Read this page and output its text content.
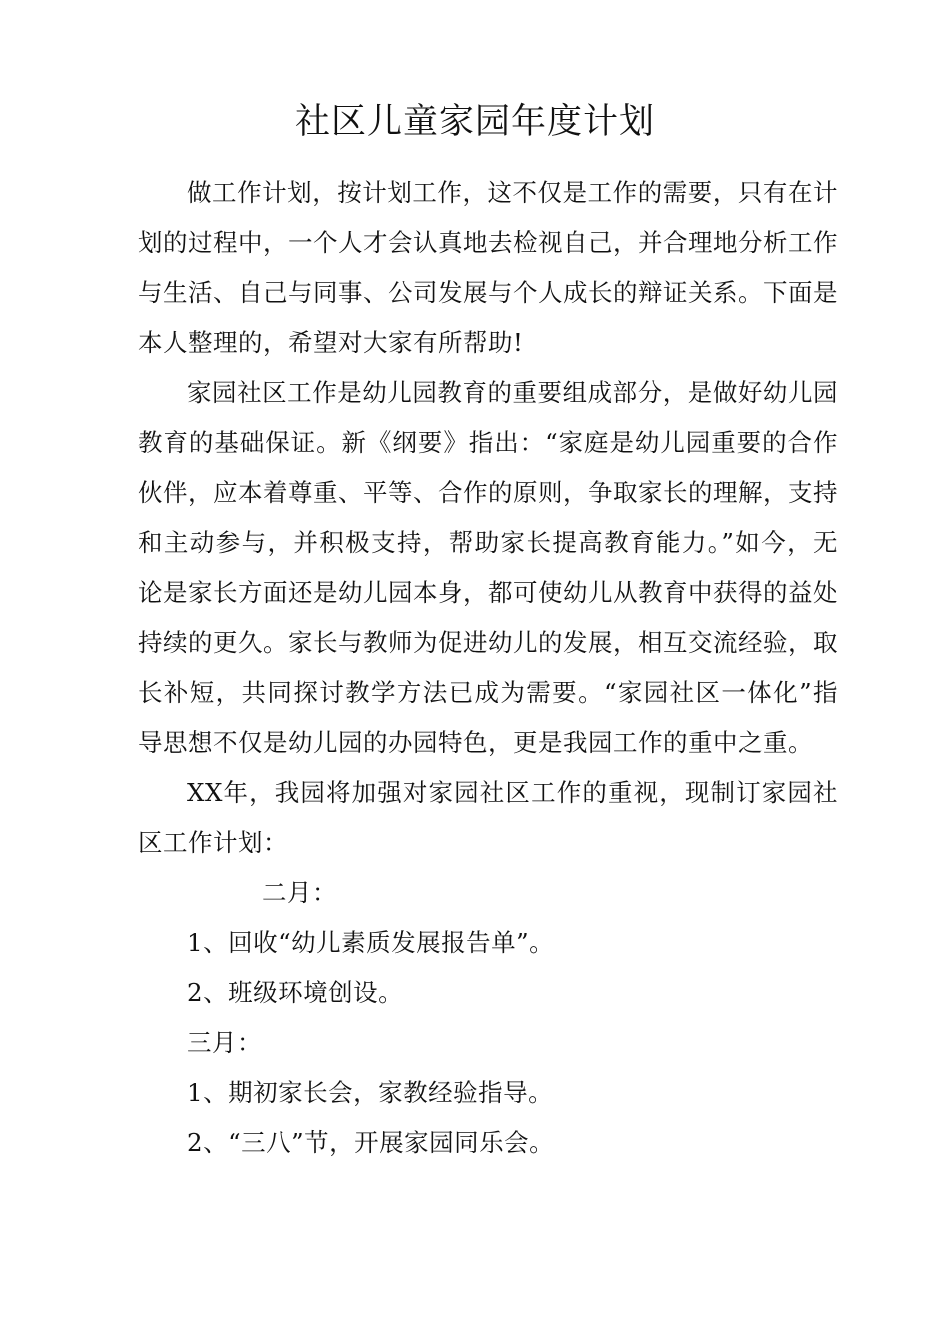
社区儿童家园年度计划

做工作计划，按计划工作，这不仅是工作的需要，只有在计划的过程中，一个人才会认真地去检视自己，并合理地分析工作与生活、自己与同事、公司发展与个人成长的辩证关系。下面是本人整理的，希望对大家有所帮助!

家园社区工作是幼儿园教育的重要组成部分，是做好幼儿园教育的基础保证。新《纲要》指出：“家庭是幼儿园重要的合作伙伴，应本着尊重、平等、合作的原则，争取家长的理解，支持和主动参与，并积极支持，帮助家长提高教育能力。”如今，无论是家长方面还是幼儿园本身，都可使幼儿从教育中获得的益处持续的更久。家长与教师为促进幼儿的发展，相互交流经验，取长补短，共同探讨教学方法已成为需要。“家园社区一体化”指导思想不仅是幼儿园的办园特色，更是我园工作的重中之重。

XX年，我园将加强对家园社区工作的重视，现制订家园社区工作计划：

二月：

1、回收“幼儿素质发展报告单”。

2、班级环境创设。

三月：

1、期初家长会，家教经验指导。

2、“三八”节，开展家园同乐会。
